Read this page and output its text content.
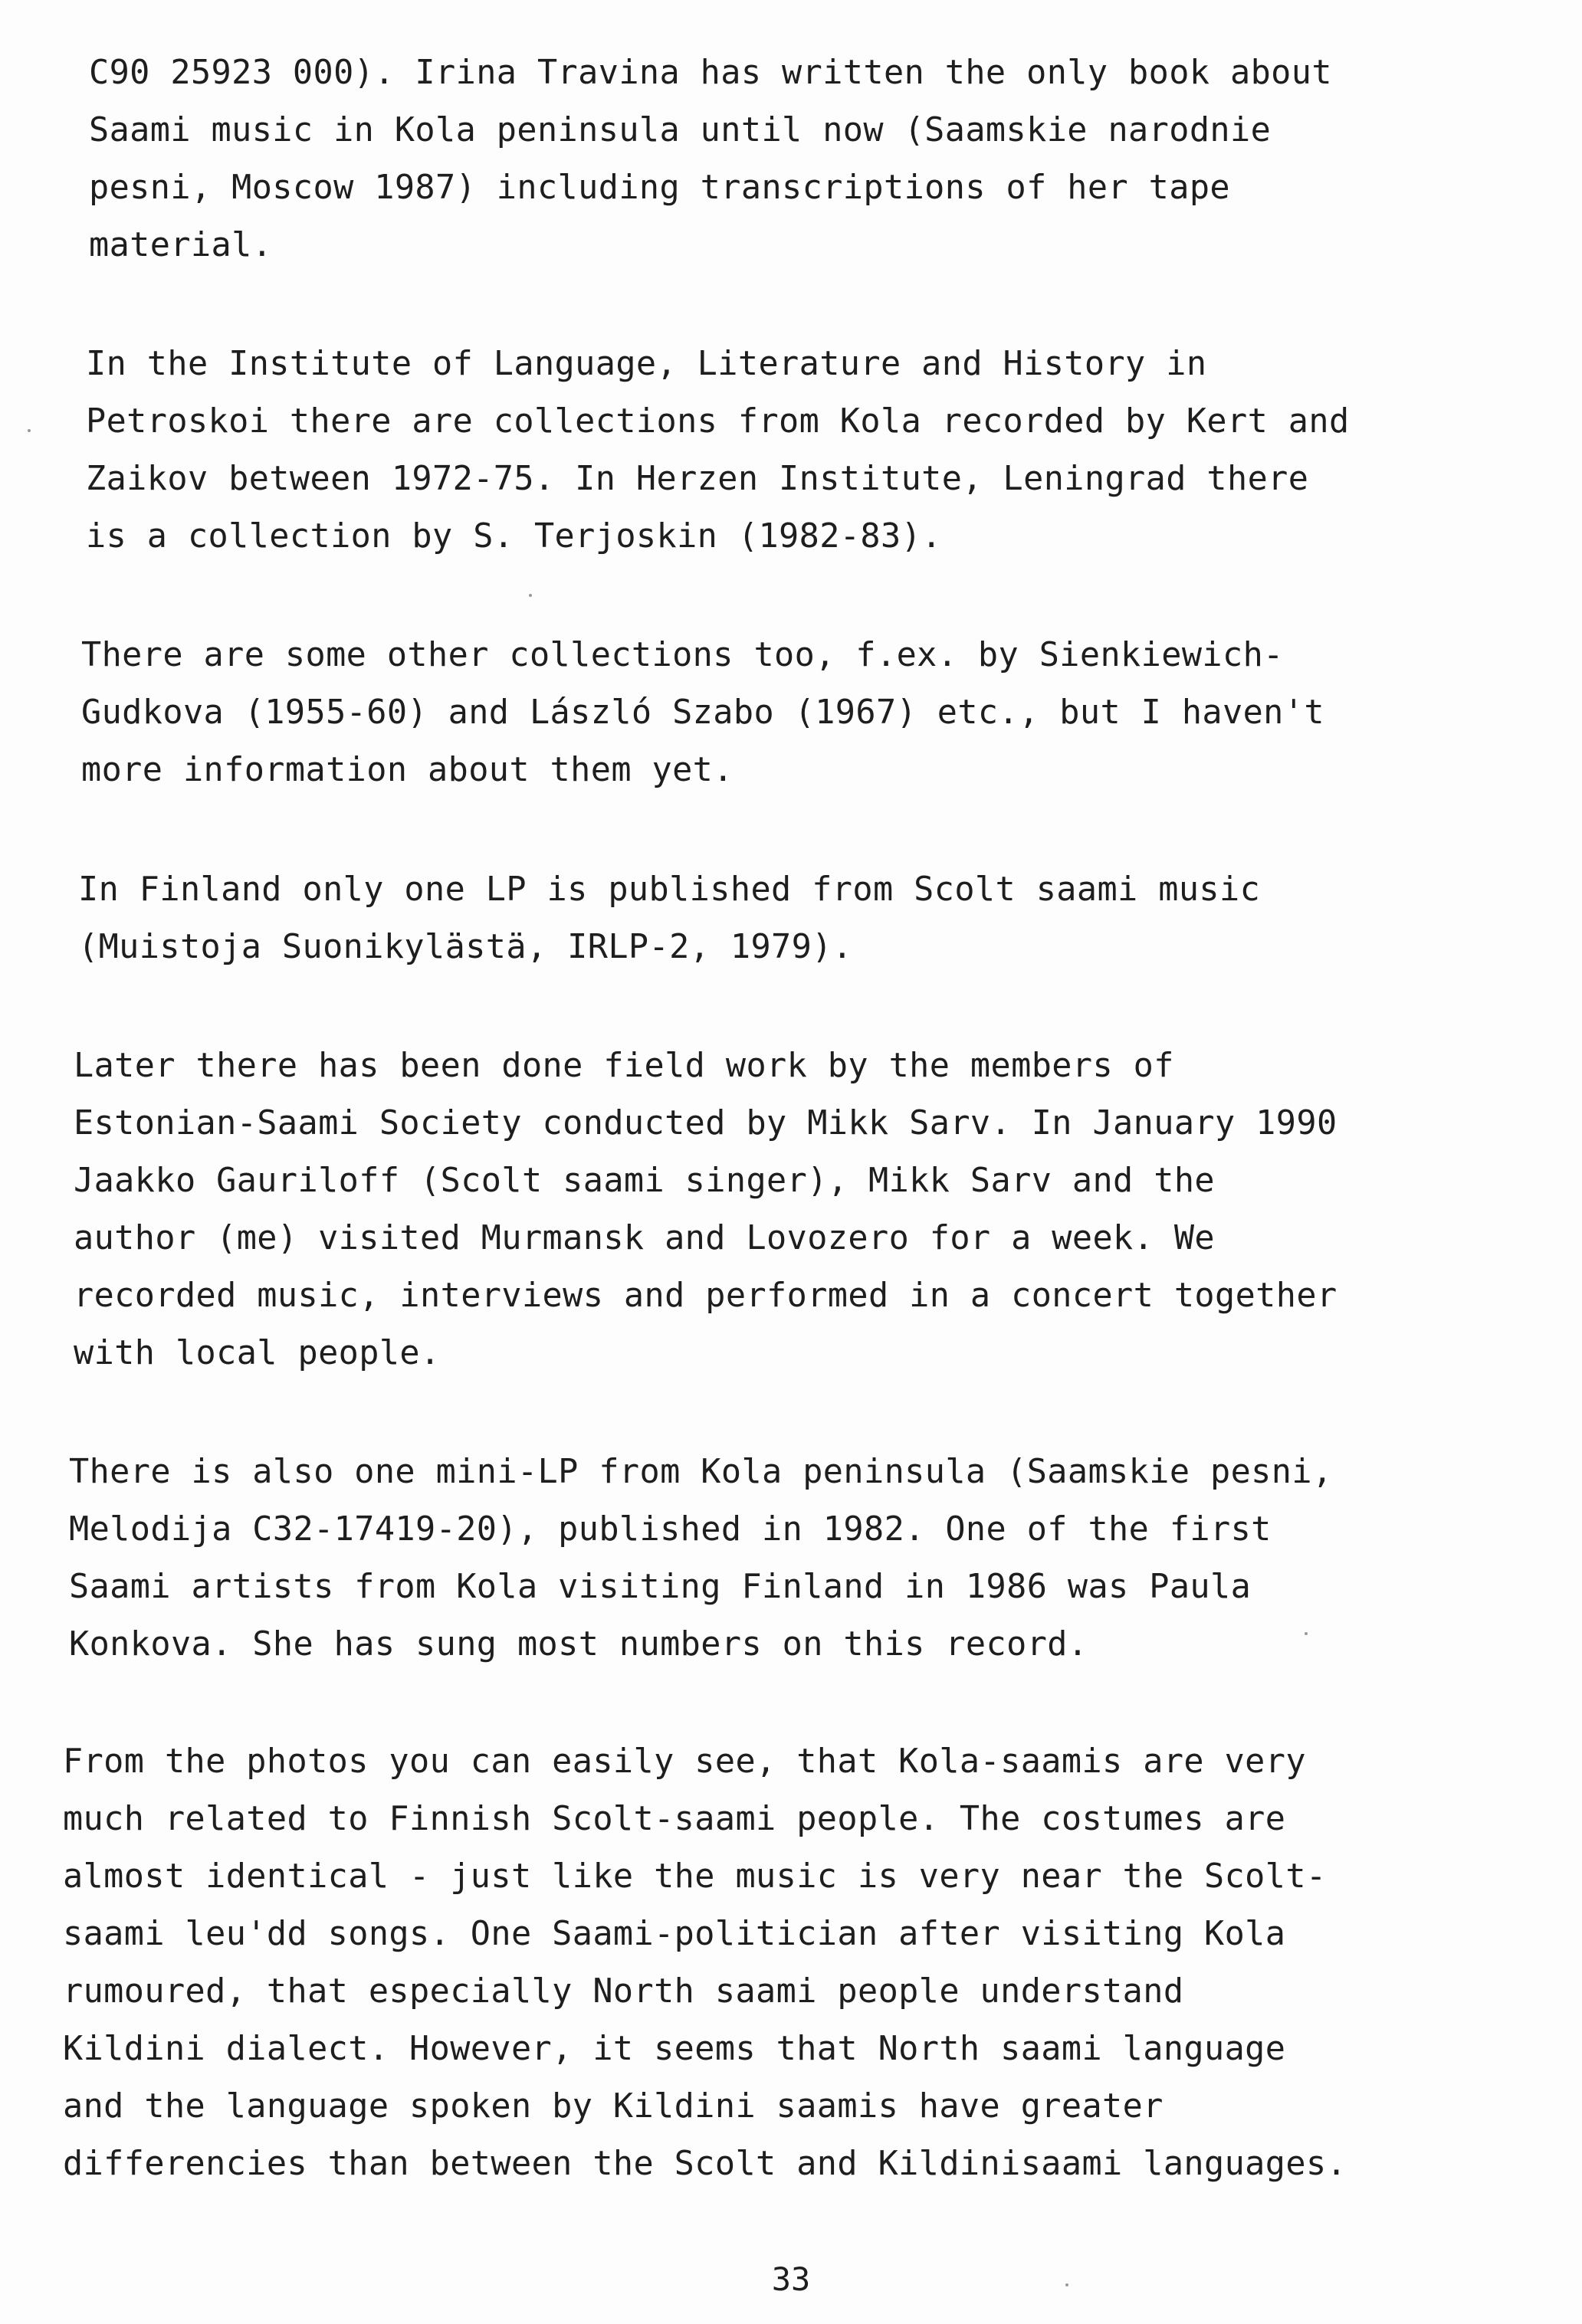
C90 25923 000). Irina Travina has written the only book about
Saami music in Kola peninsula until now (Saamskie narodnie
pesni, Moscow 1987) including transcriptions of her tape
material.
In the Institute of Language, Literature and History in
Petroskoi there are collections from Kola recorded by Kert and
Zaikov between 1972-75. In Herzen Institute, Leningrad there
is a collection by S. Terjoskin (1982-83).
There are some other collections too, f.ex. by Sienkiewich-
Gudkova (1955-60) and László Szabo (1967) etc., but I haven't
more information about them yet.
In Finland only one LP is published from Scolt saami music
(Muistoja Suonikylästä, IRLP-2, 1979).
Later there has been done field work by the members of
Estonian-Saami Society conducted by Mikk Sarv. In January 1990
Jaakko Gauriloff (Scolt saami singer), Mikk Sarv and the
author (me) visited Murmansk and Lovozero for a week. We
recorded music, interviews and performed in a concert together
with local people.
There is also one mini-LP from Kola peninsula (Saamskie pesni,
Melodija C32-17419-20), published in 1982. One of the first
Saami artists from Kola visiting Finland in 1986 was Paula
Konkova. She has sung most numbers on this record.
From the photos you can easily see, that Kola-saamis are very
much related to Finnish Scolt-saami people. The costumes are
almost identical - just like the music is very near the Scolt-
saami leu'dd songs. One Saami-politician after visiting Kola
rumoured, that especially North saami people understand
Kildini dialect. However, it seems that North saami language
and the language spoken by Kildini saamis have greater
differencies than between the Scolt and Kildinisaami languages.
33
